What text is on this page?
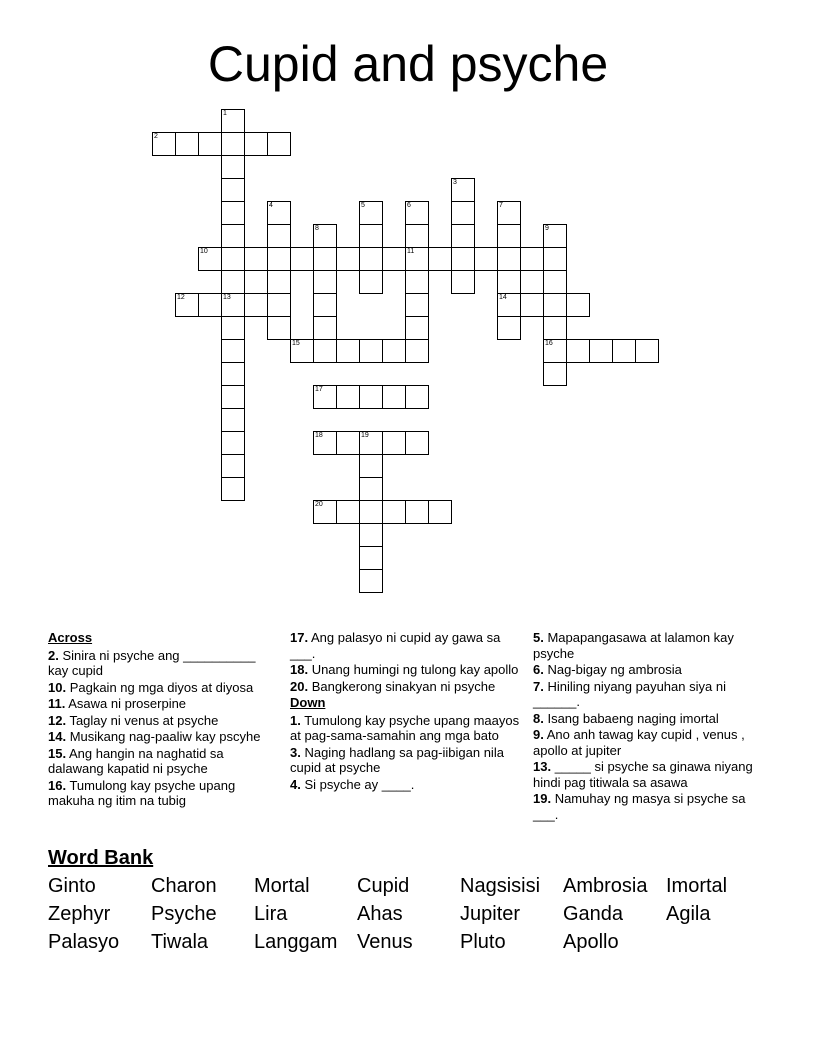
Cupid and psyche
1
2
3
4	5	6	7
8	9
10	11
12	13	14
15	16
17
18	19
20
Across
2. Sinira ni psyche ang __________ kay cupid
10. Pagkain ng mga diyos at diyosa
11. Asawa ni proserpine
12. Taglay ni venus at psyche
14. Musikang nag-paaliw kay pscyhe
15. Ang hangin na naghatid sa dalawang kapatid ni psyche
16. Tumulong kay psyche upang makuha ng itim na tubig
17. Ang palasyo ni cupid ay gawa sa ___.
18. Unang humingi ng tulong kay apollo
20. Bangkerong sinakyan ni psyche
Down
1. Tumulong kay psyche upang maayos at pag-sama-samahin ang mga bato
3. Naging hadlang sa pag-iibigan nila cupid at psyche
4. Si psyche ay ____.
5. Mapapangasawa at lalamon kay psyche
6. Nag-bigay ng ambrosia
7. Hiniling niyang payuhan siya ni ______.
8. Isang babaeng naging imortal
9. Ano anh tawag kay cupid , venus , apollo at jupiter
13. _____ si psyche sa ginawa niyang hindi pag titiwala sa asawa
19. Namuhay ng masya si psyche sa ___.
Word Bank
Ginto	Charon Mortal Cupid	Nagsisisi Ambrosia Imortal
Zephyr Psyche Lira	Ahas	Jupiter Ganda Agila
Palasyo Tiwala Langgam Venus Pluto	Apollo
